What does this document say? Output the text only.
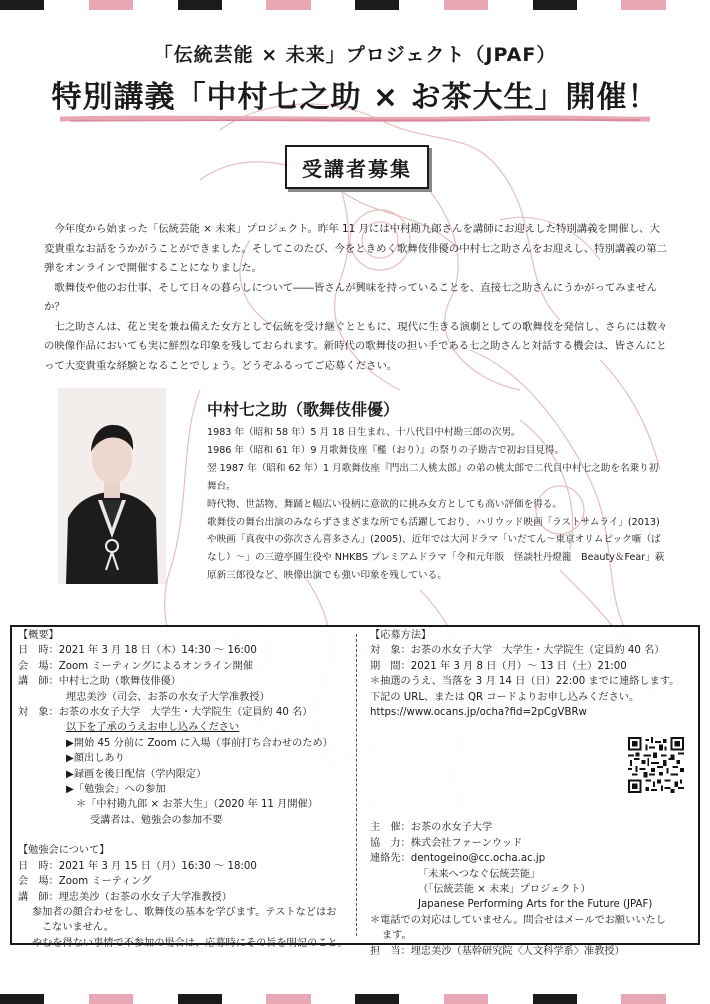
「伝統芸能 × 未来」プロジェクト（JPAF）
特別講義「中村七之助 × お茶大生」開催！
受講者募集

今年度から始まった「伝統芸能 × 未来」プロジェクト。昨年 11 月には中村勘九郎さんを講師にお迎えした特別講義を開催し、大変貴重なお話をうかがうことができました。そしてこのたび、今をときめく歌舞伎俳優の中村七之助さんをお迎えし、特別講義の第二弾をオンラインで開催することになりました。

歌舞伎や他のお仕事、そして日々の暮らしについて――皆さんが興味を持っていることを、直接七之助さんにうかがってみませんか？

七之助さんは、花と実を兼ね備えた女方として伝統を受け継ぐとともに、現代に生きる演劇としての歌舞伎を発信し、さらには数々の映像作品においても実に鮮烈な印象を残しておられます。新時代の歌舞伎の担い手である七之助さんと対話する機会は、皆さんにとって大変貴重な経験となることでしょう。どうぞふるってご応募ください。

中村七之助（歌舞伎俳優）

1983 年（昭和 58 年）5 月 18 日生まれ、十八代目中村勘三郎の次男。

1986 年（昭和 61 年）9 月歌舞伎座『檻（おり）』の祭りの子勘吉で初お目見得。

翌 1987 年（昭和 62 年）1 月歌舞伎座『門出二人桃太郎』の弟の桃太郎で二代目中村七之助を名乗り初舞台。

時代物、世話物、舞踊と幅広い役柄に意欲的に挑み女方としても高い評価を得る。

歌舞伎の舞台出演のみならずさまざまな所でも活躍しており、ハリウッド映画「ラストサムライ」(2013) や映画「真夜中の弥次さん喜多さん」(2005)、近年では大河ドラマ「いだてん～東京オリムピック噺（ばなし）～」の三遊亭圓生役や NHKBS プレミアムドラマ「令和元年版　怪談牡丹燈籠　Beauty＆Fear」萩原新三郎役など、映像出演でも強い印象を残している。

【概要】

日　時：2021 年 3 月 18 日（木）14:30 ～ 16:00

会　場：Zoom ミーティングによるオンライン開催

講　師：中村七之助（歌舞伎俳優）

埋忠美沙（司会、お茶の水女子大学准教授）

対　象：お茶の水女子大学　大学生・大学院生（定員約 40 名）

以下を了承のうえお申し込みください

▶開始 45 分前に Zoom に入場（事前打ち合わせのため）

▶顔出しあり

▶録画を後日配信（学内限定）

▶「勉強会」への参加

＊「中村勘九郎 × お茶大生」（2020 年 11 月開催）

受講者は、勉強会の参加不要

【勉強会について】

日　時：2021 年 3 月 15 日（月）16:30 ～ 18:00

会　場：Zoom ミーティング

講　師：埋忠美沙（お茶の水女子大学准教授）

参加者の顔合わせをし、歌舞伎の基本を学びます。テストなどはお

こないません。

やむを得ない事情で不参加の場合は、応募時にその旨を明記のこと。

【応募方法】

対　象：お茶の水女子大学　大学生・大学院生（定員約 40 名）

期　間：2021 年 3 月 8 日（月）～ 13 日（土）21:00

＊抽選のうえ、当落を 3 月 14 日（日）22:00 までに連絡します。

下記の URL、または QR コードよりお申し込みください。

https://www.ocans.jp/ocha?fid=2pCgVBRw

主　催：お茶の水女子大学

協　力：株式会社ファーンウッド

連絡先：dentogeino@cc.ocha.ac.jp

「未来へつなぐ伝統芸能」

（「伝統芸能 × 未来」プロジェクト）

Japanese Performing Arts for the Future (JPAF)

＊電話での対応はしていません。問合せはメールでお願いいたし

ます。

担　当：埋忠美沙（基幹研究院〈人文科学系〉准教授）
